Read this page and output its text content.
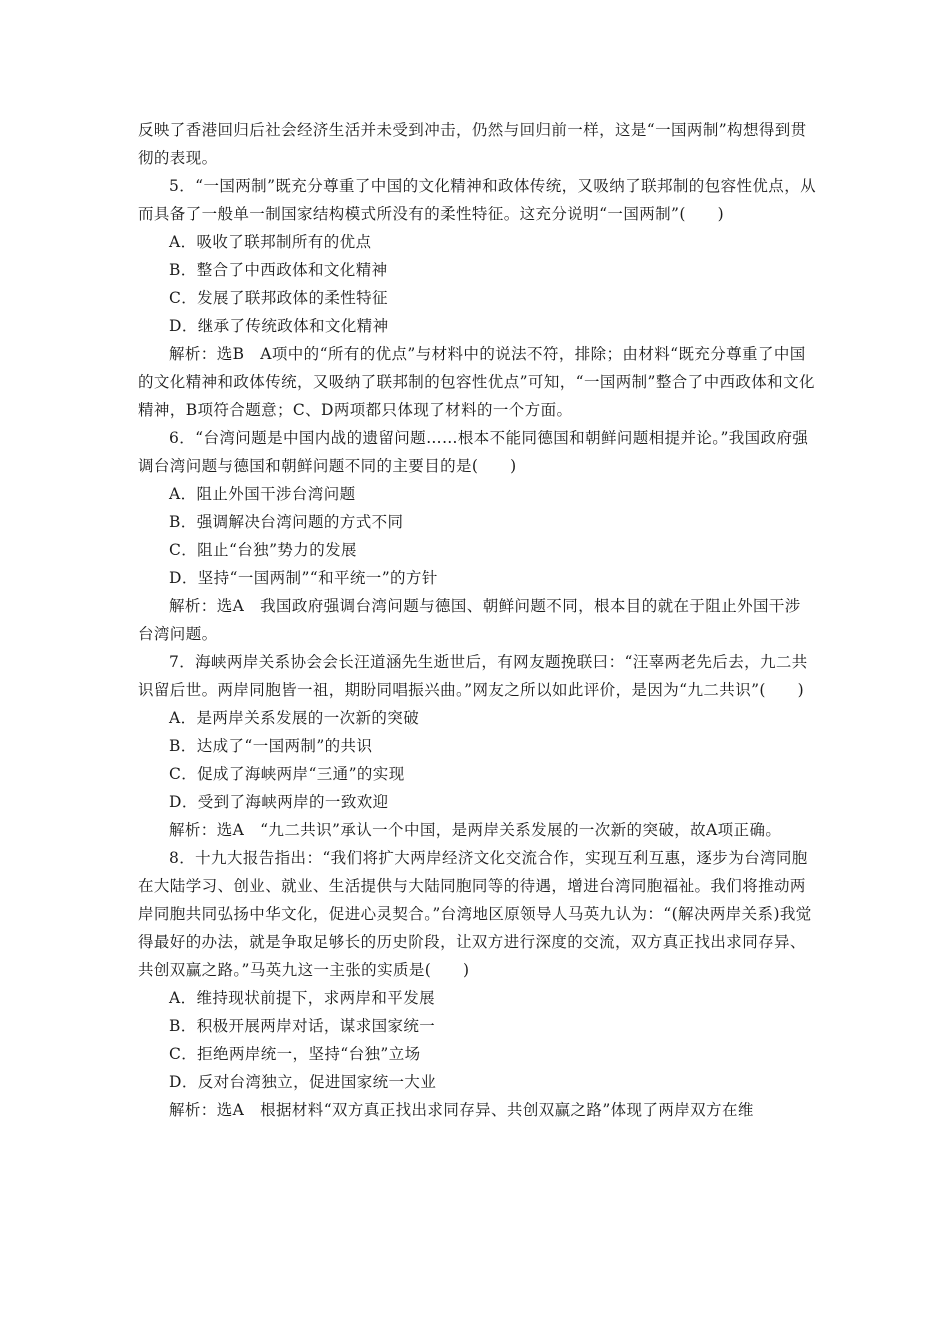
反映了香港回归后社会经济生活并未受到冲击，仍然与回归前一样，这是“一国两制”构想得到贯彻的表现。

5．“一国两制”既充分尊重了中国的文化精神和政体传统，又吸纳了联邦制的包容性优点，从而具备了一般单一制国家结构模式所没有的柔性特征。这充分说明“一国两制”(　　)

A．吸收了联邦制所有的优点

B．整合了中西政体和文化精神

C．发展了联邦政体的柔性特征

D．继承了传统政体和文化精神

解析：选B　A项中的“所有的优点”与材料中的说法不符，排除；由材料“既充分尊重了中国的文化精神和政体传统，又吸纳了联邦制的包容性优点”可知，“一国两制”整合了中西政体和文化精神，B项符合题意；C、D两项都只体现了材料的一个方面。

6．“台湾问题是中国内战的遗留问题……根本不能同德国和朝鲜问题相提并论。”我国政府强调台湾问题与德国和朝鲜问题不同的主要目的是(　　)

A．阻止外国干涉台湾问题

B．强调解决台湾问题的方式不同

C．阻止“台独”势力的发展

D．坚持“一国两制”“和平统一”的方针

解析：选A　我国政府强调台湾问题与德国、朝鲜问题不同，根本目的就在于阻止外国干涉台湾问题。

7．海峡两岸关系协会会长汪道涵先生逝世后，有网友题挽联曰：“汪辜两老先后去，九二共识留后世。两岸同胞皆一祖，期盼同唱振兴曲。”网友之所以如此评价，是因为“九二共识”(　　)

A．是两岸关系发展的一次新的突破

B．达成了“一国两制”的共识

C．促成了海峡两岸“三通”的实现

D．受到了海峡两岸的一致欢迎

解析：选A　“九二共识”承认一个中国，是两岸关系发展的一次新的突破，故A项正确。

8．十九大报告指出：“我们将扩大两岸经济文化交流合作，实现互利互惠，逐步为台湾同胞在大陆学习、创业、就业、生活提供与大陆同胞同等的待遇，增进台湾同胞福祉。我们将推动两岸同胞共同弘扬中华文化，促进心灵契合。”台湾地区原领导人马英九认为：“(解决两岸关系)我觉得最好的办法，就是争取足够长的历史阶段，让双方进行深度的交流，双方真正找出求同存异、共创双赢之路。”马英九这一主张的实质是(　　)

A．维持现状前提下，求两岸和平发展

B．积极开展两岸对话，谋求国家统一

C．拒绝两岸统一，坚持“台独”立场

D．反对台湾独立，促进国家统一大业

解析：选A　根据材料“双方真正找出求同存异、共创双赢之路”体现了两岸双方在维
